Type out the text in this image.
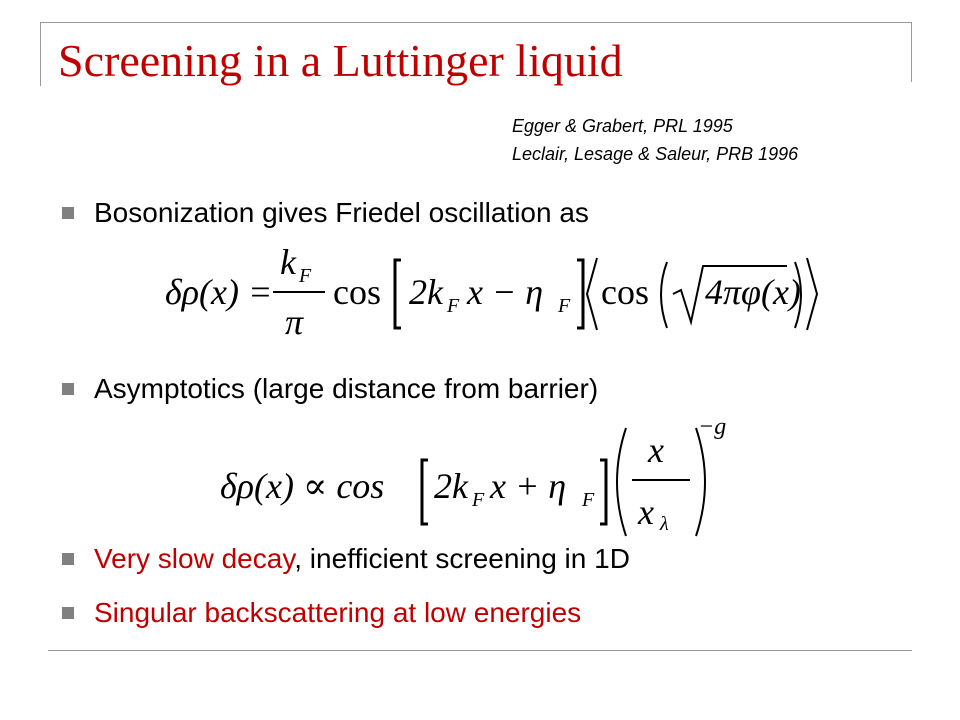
Screening in a Luttinger liquid
Egger & Grabert, PRL 1995
Leclair, Lesage & Saleur, PRB 1996
Bosonization gives Friedel oscillation as
δρ(x) =
k F
π
cos 2k F x − η F cos 4πφ(x)
Asymptotics (large distance from barrier)
δρ(x) ∝ cos 2k F x + η F
x
x λ
−g
Very slow decay, inefficient screening in 1D
Singular backscattering at low energies
